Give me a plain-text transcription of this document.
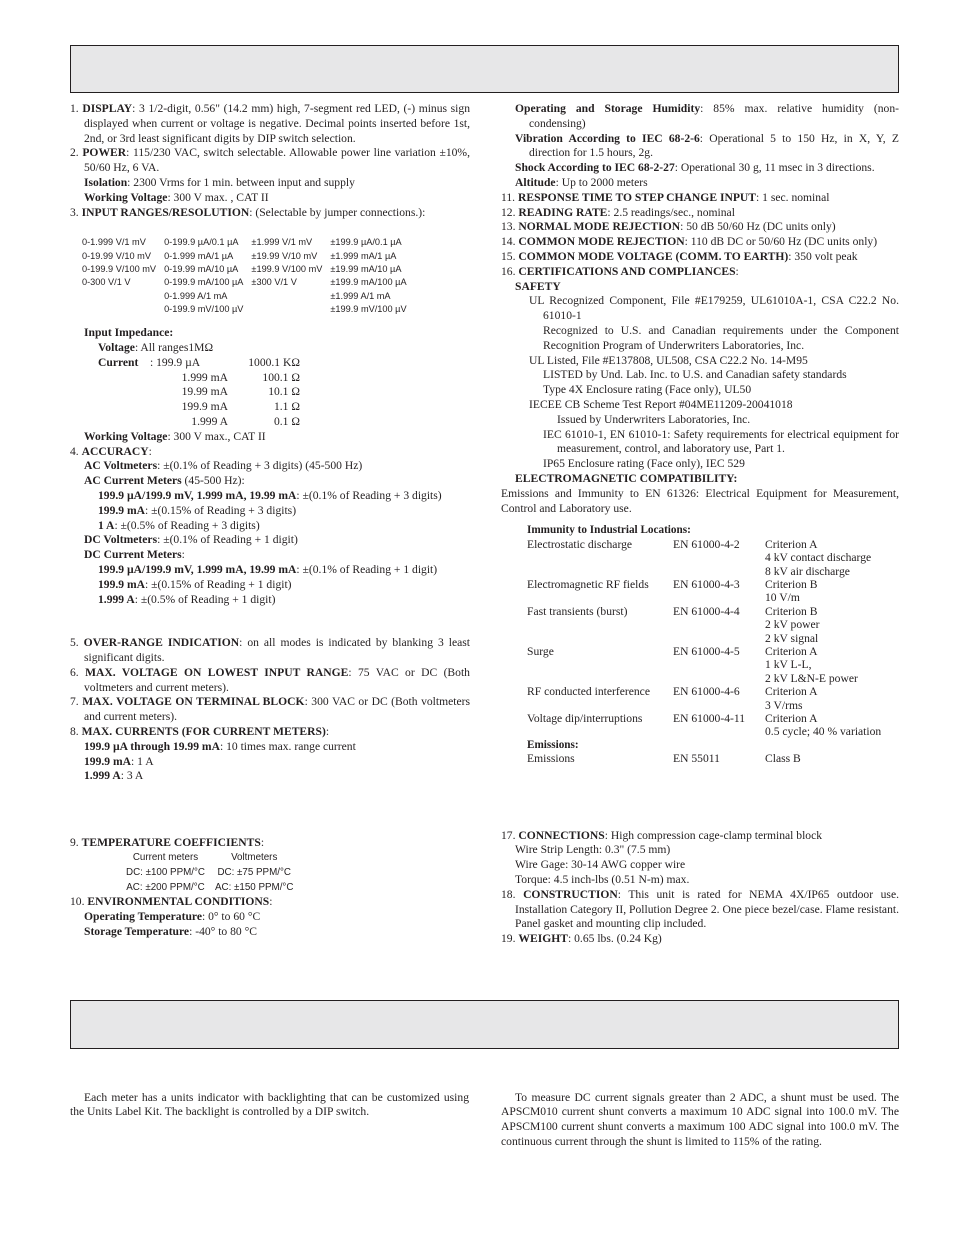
1. DISPLAY: 3 1/2-digit, 0.56" (14.2 mm) high, 7-segment red LED, (-) minus sign displayed when current or voltage is negative. Decimal points inserted before 1st, 2nd, or 3rd least significant digits by DIP switch selection.

2. POWER: 115/230 VAC, switch selectable. Allowable power line variation ±10%, 50/60 Hz, 6 VA.

Isolation: 2300 Vrms for 1 min. between input and supply

Working Voltage: 300 V max. , CAT II

3. INPUT RANGES/RESOLUTION: (Selectable by jumper connections.):

0-1.999 V/1 mV	0-199.9 µA/0.1 µA	±1.999 V/1 mV	±199.9 µA/0.1 µA
0-19.99 V/10 mV	0-1.999 mA/1 µA	±19.99 V/10 mV	±1.999 mA/1 µA
0-199.9 V/100 mV	0-19.99 mA/10 µA	±199.9 V/100 mV	±19.99 mA/10 µA
0-300 V/1 V	0-199.9 mA/100 µA	±300 V/1 V	±199.9 mA/100 µA
	0-1.999 A/1 mA		±1.999 A/1 mA
	0-199.9 mV/100 µV		±199.9 mV/100 µV

Input Impedance:

Voltage: All ranges1MΩ

Current	: 199.9 µA	1000.1 KΩ
	1.999 mA	100.1 Ω
	19.99 mA	10.1 Ω
	199.9 mA	1.1 Ω
	1.999 A	0.1 Ω

Working Voltage: 300 V max., CAT II

4. ACCURACY:

AC Voltmeters: ±(0.1% of Reading + 3 digits) (45-500 Hz)

AC Current Meters (45-500 Hz):

199.9 µA/199.9 mV, 1.999 mA, 19.99 mA: ±(0.1% of Reading + 3 digits)

199.9 mA: ±(0.15% of Reading + 3 digits)

1 A: ±(0.5% of Reading + 3 digits)

DC Voltmeters: ±(0.1% of Reading + 1 digit)

DC Current Meters:

199.9 µA/199.9 mV, 1.999 mA, 19.99 mA: ±(0.1% of Reading + 1 digit)

199.9 mA: ±(0.15% of Reading + 1 digit)

1.999 A: ±(0.5% of Reading + 1 digit)

5. OVER-RANGE INDICATION: on all modes is indicated by blanking 3 least significant digits.

6. MAX. VOLTAGE ON LOWEST INPUT RANGE: 75 VAC or DC (Both voltmeters and current meters).

7. MAX. VOLTAGE ON TERMINAL BLOCK: 300 VAC or DC (Both voltmeters and current meters).

8. MAX. CURRENTS (FOR CURRENT METERS):

199.9 µA through 19.99 mA: 10 times max. range current

199.9 mA: 1 A

1.999 A: 3 A

9. TEMPERATURE COEFFICIENTS:

Current meters	Voltmeters
DC: ±100 PPM/°C	DC: ±75 PPM/°C
AC: ±200 PPM/°C	AC: ±150 PPM/°C

10. ENVIRONMENTAL CONDITIONS:

Operating Temperature: 0° to 60 °C

Storage Temperature: -40° to 80 °C

Operating and Storage Humidity: 85% max. relative humidity (non-condensing)

Vibration According to IEC 68-2-6: Operational 5 to 150 Hz, in X, Y, Z direction for 1.5 hours, 2g.

Shock According to IEC 68-2-27: Operational 30 g, 11 msec in 3 directions.

Altitude: Up to 2000 meters

11. RESPONSE TIME TO STEP CHANGE INPUT: 1 sec. nominal

12. READING RATE: 2.5 readings/sec., nominal

13. NORMAL MODE REJECTION: 50 dB 50/60 Hz (DC units only)

14. COMMON MODE REJECTION: 110 dB DC or 50/60 Hz (DC units only)

15. COMMON MODE VOLTAGE (COMM. TO EARTH): 350 volt peak

16. CERTIFICATIONS AND COMPLIANCES:

SAFETY

UL Recognized Component, File #E179259, UL61010A-1, CSA C22.2 No. 61010-1

Recognized to U.S. and Canadian requirements under the Component Recognition Program of Underwriters Laboratories, Inc.

UL Listed, File #E137808, UL508, CSA C22.2 No. 14-M95

LISTED by Und. Lab. Inc. to U.S. and Canadian safety standards

Type 4X Enclosure rating (Face only), UL50

IECEE CB Scheme Test Report #04ME11209-20041018

Issued by Underwriters Laboratories, Inc.

IEC 61010-1, EN 61010-1: Safety requirements for electrical equipment for measurement, control, and laboratory use, Part 1.

IP65 Enclosure rating (Face only), IEC 529

ELECTROMAGNETIC COMPATIBILITY:

Emissions and Immunity to EN 61326: Electrical Equipment for Measurement, Control and Laboratory use.

Immunity to Industrial Locations:

Electrostatic discharge	EN 61000-4-2	Criterion A
4 kV contact discharge
8 kV air discharge

Electromagnetic RF fields	EN 61000-4-3	Criterion B
10 V/m

Fast transients (burst)	EN 61000-4-4	Criterion B
2 kV power
2 kV signal

Surge	EN 61000-4-5	Criterion A
1 kV L-L,
2 kV L&N-E power

RF conducted interference	EN 61000-4-6	Criterion A
3 V/rms

Voltage dip/interruptions	EN 61000-4-11	Criterion A
0.5 cycle; 40 % variation

Emissions:

Emissions	EN 55011	Class B

17. CONNECTIONS: High compression cage-clamp terminal block

Wire Strip Length: 0.3" (7.5 mm)

Wire Gage: 30-14 AWG copper wire

Torque: 4.5 inch-lbs (0.51 N-m) max.

18. CONSTRUCTION: This unit is rated for NEMA 4X/IP65 outdoor use. Installation Category II, Pollution Degree 2. One piece bezel/case. Flame resistant. Panel gasket and mounting clip included.

19. WEIGHT: 0.65 lbs. (0.24 Kg)

Each meter has a units indicator with backlighting that can be customized using the Units Label Kit. The backlight is controlled by a DIP switch.

To measure DC current signals greater than 2 ADC, a shunt must be used. The APSCM010 current shunt converts a maximum 10 ADC signal into 100.0 mV. The APSCM100 current shunt converts a maximum 100 ADC signal into 100.0 mV. The continuous current through the shunt is limited to 115% of the rating.
